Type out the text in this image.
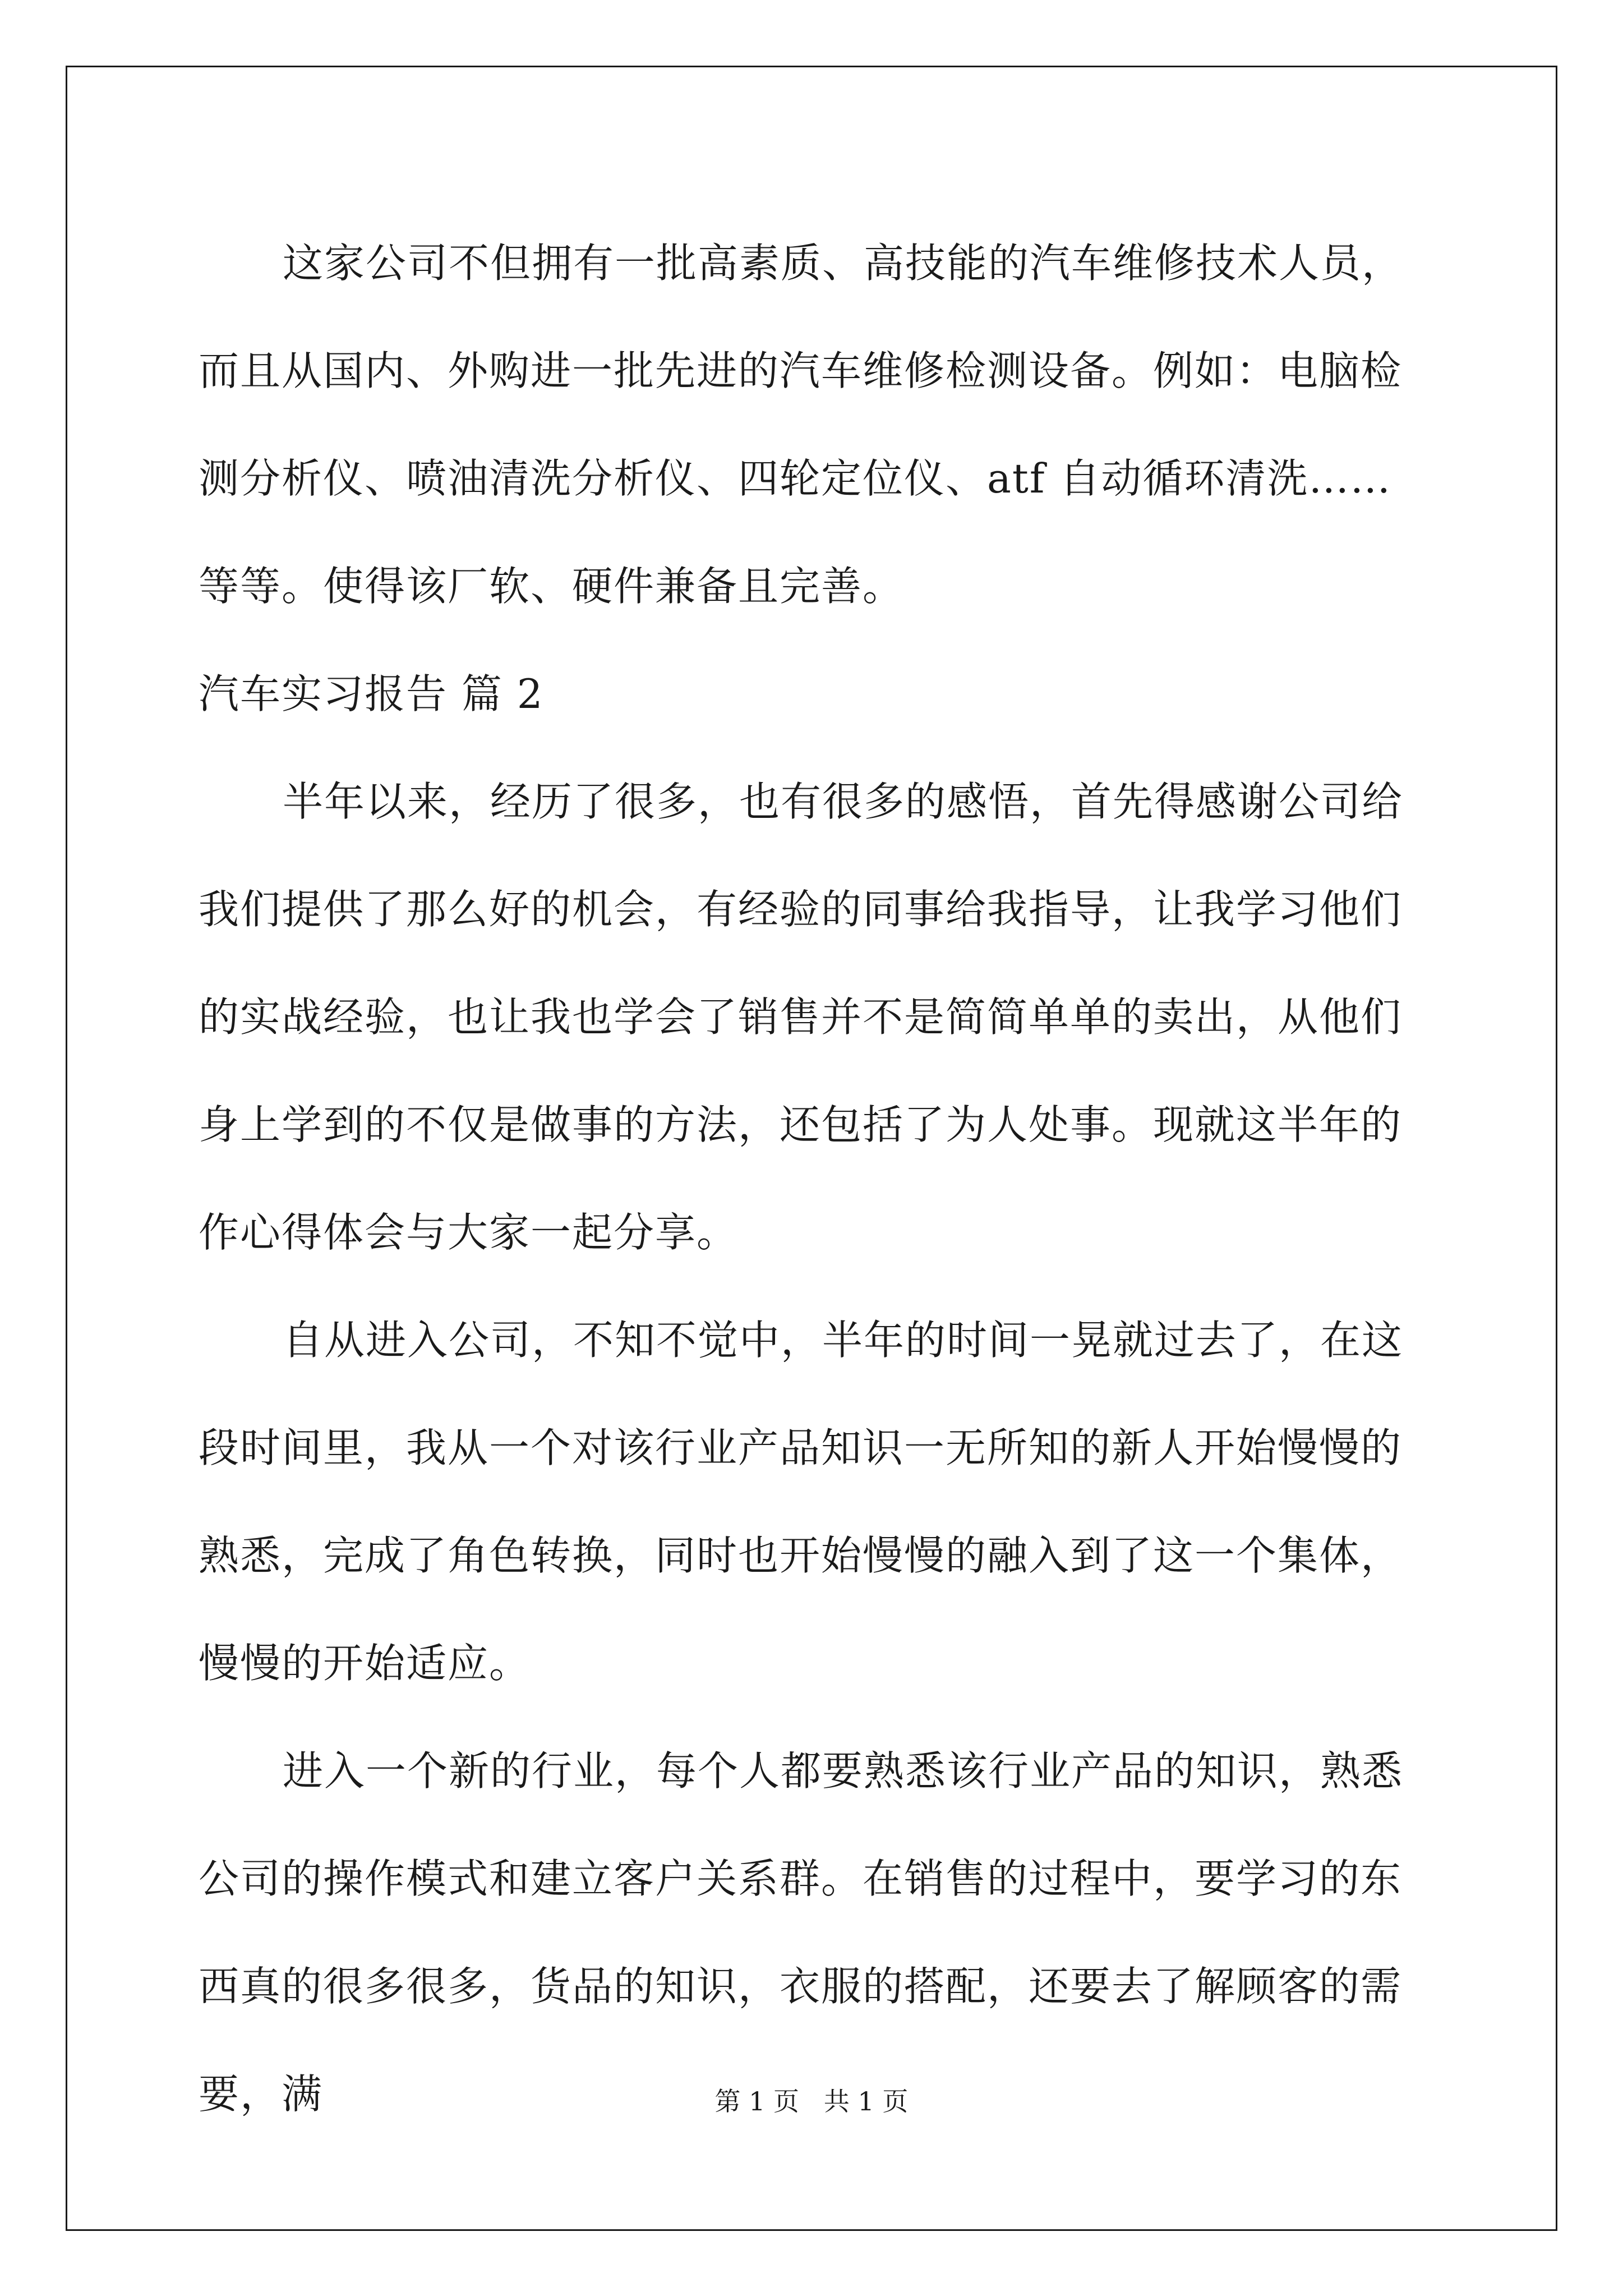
这家公司不但拥有一批高素质、高技能的汽车维修技术人员，而且从国内、外购进一批先进的汽车维修检测设备。例如：电脑检测分析仪、喷油清洗分析仪、四轮定位仪、atf 自动循环清洗……等等。使得该厂软、硬件兼备且完善。

汽车实习报告 篇 2

半年以来，经历了很多，也有很多的感悟，首先得感谢公司给我们提供了那么好的机会，有经验的同事给我指导，让我学习他们的实战经验，也让我也学会了销售并不是简简单单的卖出，从他们身上学到的不仅是做事的方法，还包括了为人处事。现就这半年的作心得体会与大家一起分享。

自从进入公司，不知不觉中，半年的时间一晃就过去了，在这段时间里，我从一个对该行业产品知识一无所知的新人开始慢慢的熟悉，完成了角色转换，同时也开始慢慢的融入到了这一个集体，慢慢的开始适应。

进入一个新的行业，每个人都要熟悉该行业产品的知识，熟悉公司的操作模式和建立客户关系群。在销售的过程中，要学习的东西真的很多很多，货品的知识，衣服的搭配，还要去了解顾客的需要，满	第 1 页   共 1 页
